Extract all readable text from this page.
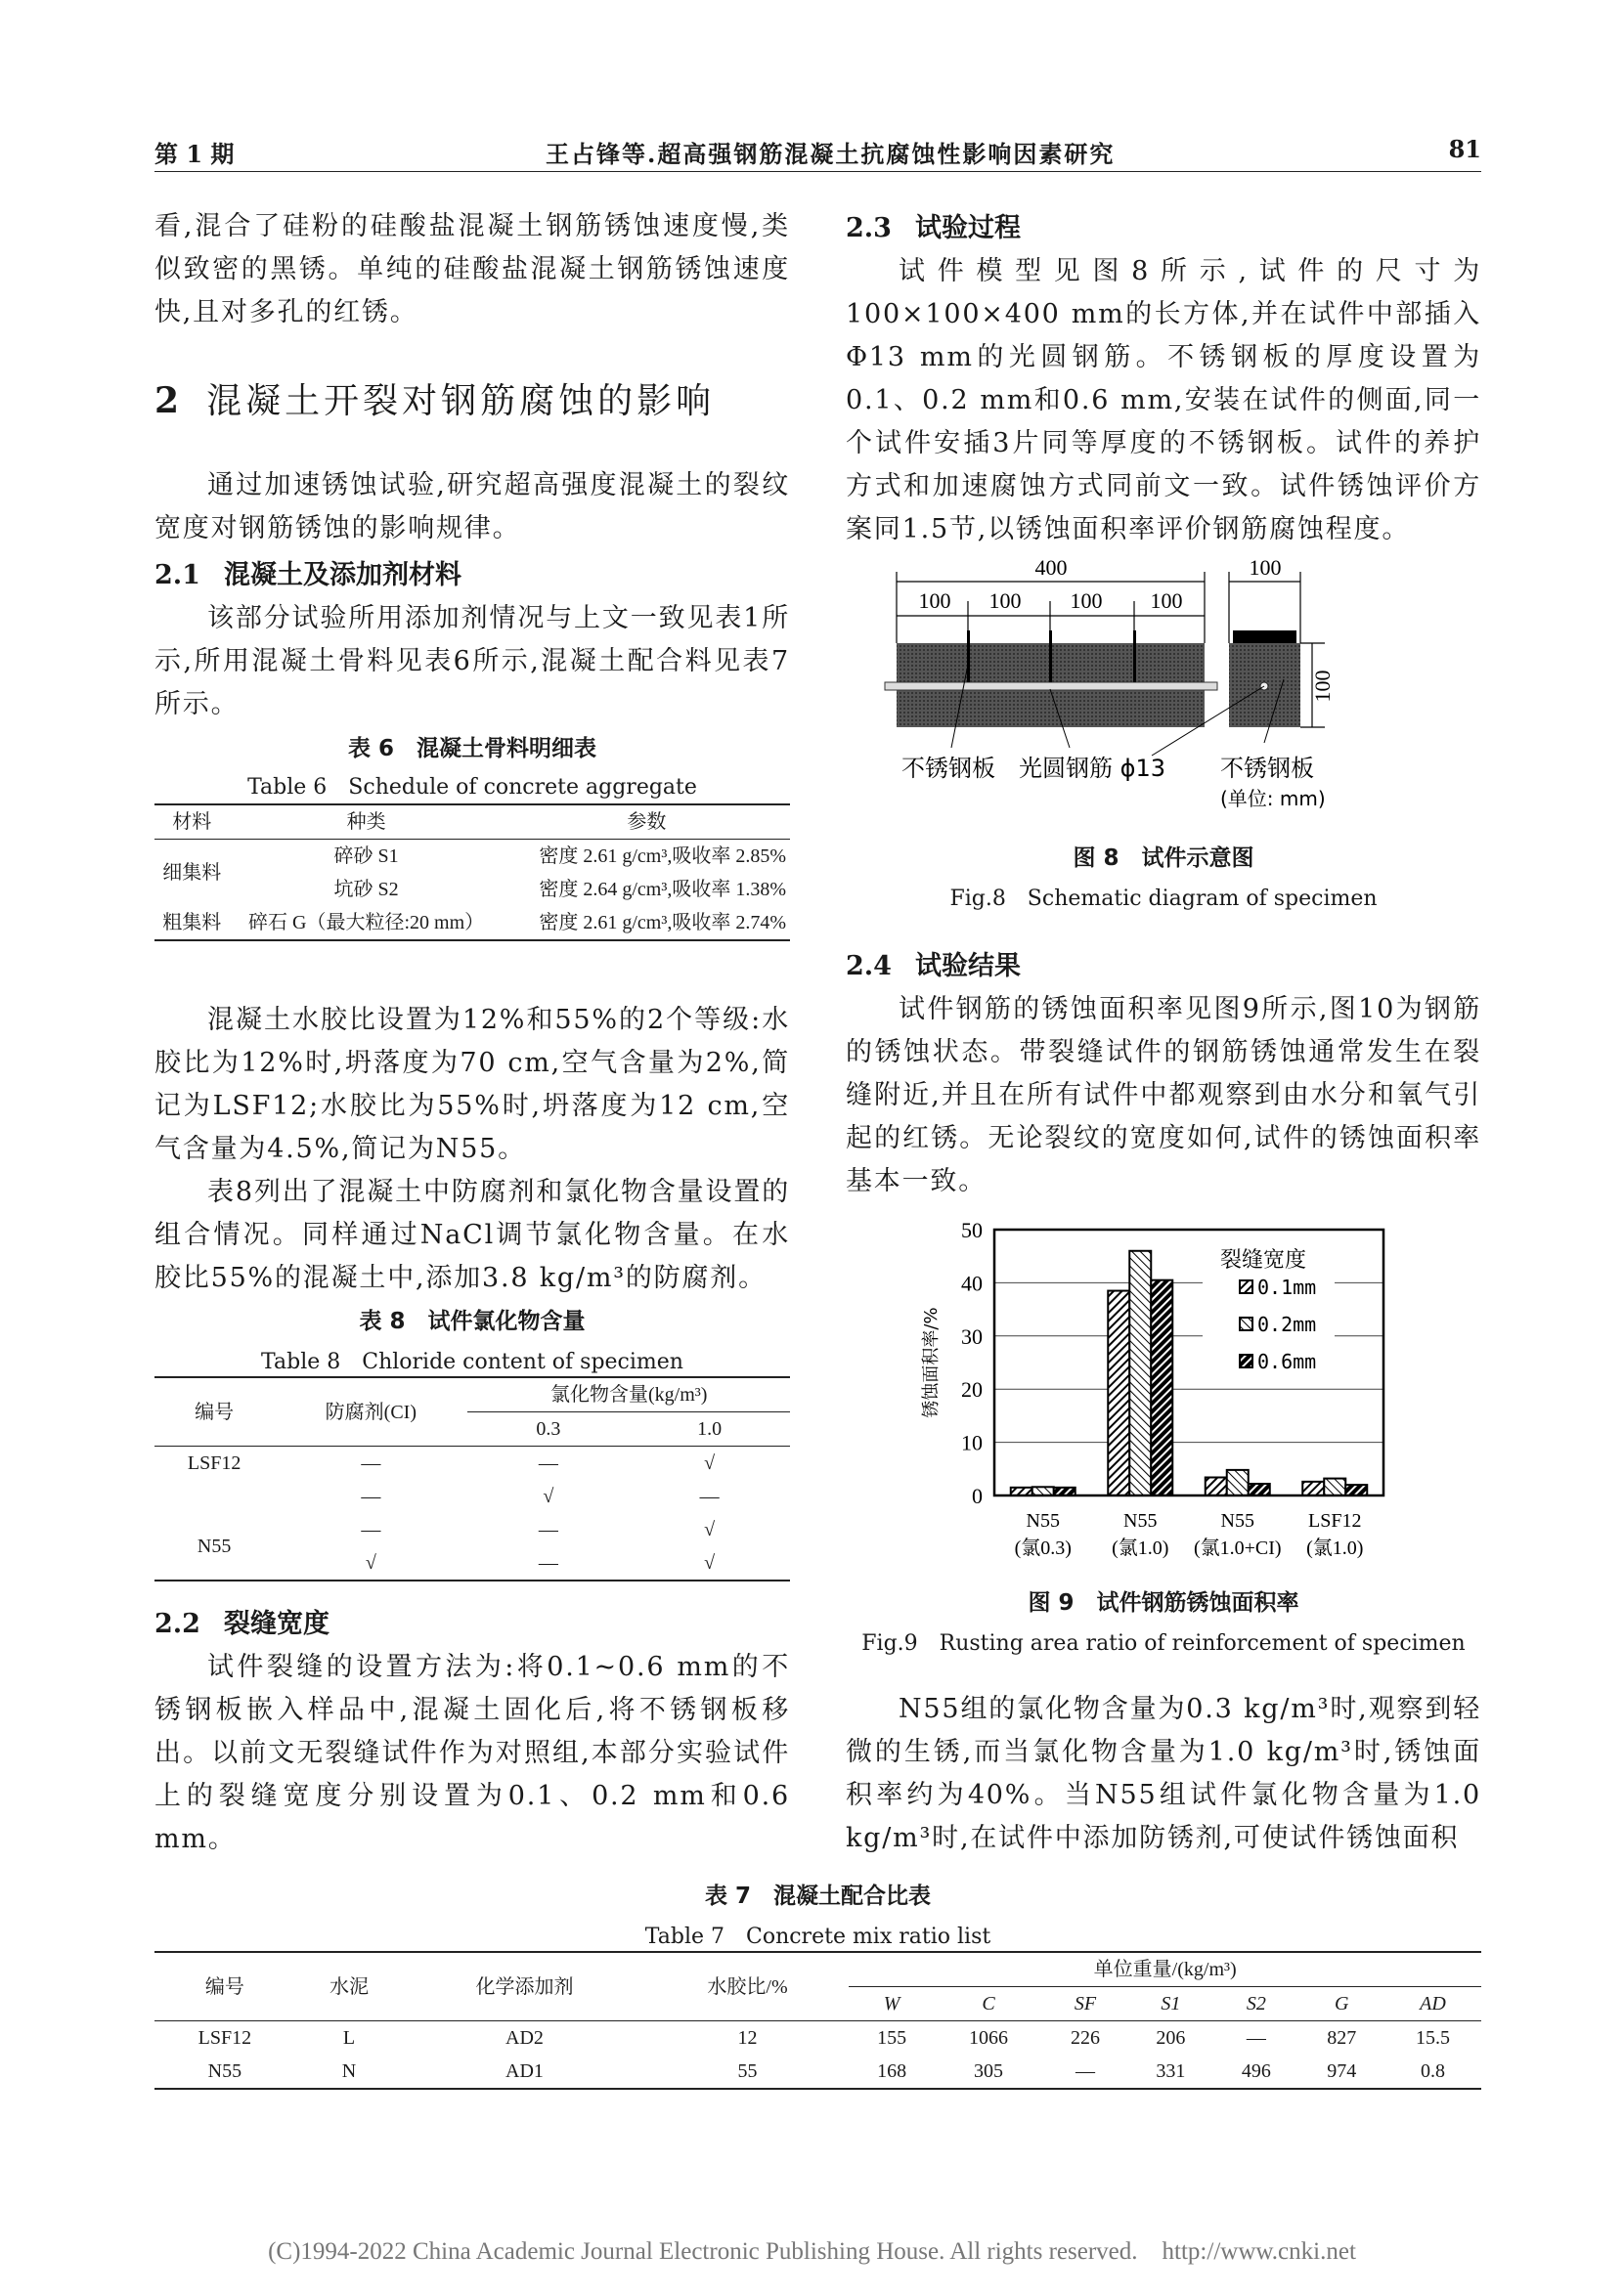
第 1 期	王占锋等.超高强钢筋混凝土抗腐蚀性影响因素研究	81
看,混合了硅粉的硅酸盐混凝土钢筋锈蚀速度慢,类似致密的黑锈。单纯的硅酸盐混凝土钢筋锈蚀速度快,且对多孔的红锈。
2 混凝土开裂对钢筋腐蚀的影响
通过加速锈蚀试验,研究超高强度混凝土的裂纹宽度对钢筋锈蚀的影响规律。
2.1 混凝土及添加剂材料
该部分试验所用添加剂情况与上文一致见表1所示,所用混凝土骨料见表6所示,混凝土配合料见表7所示。
表 6　混凝土骨料明细表
Table 6　Schedule of concrete aggregate
材料	种类	参数
细集料	碎砂 S1	密度 2.61 g/cm³,吸收率 2.85%
	坑砂 S2	密度 2.64 g/cm³,吸收率 1.38%
粗集料	碎石 G（最大粒径:20 mm）	密度 2.61 g/cm³,吸收率 2.74%
混凝土水胶比设置为12%和55%的2个等级:水胶比为12%时,坍落度为70 cm,空气含量为2%,简记为LSF12;水胶比为55%时,坍落度为12 cm,空气含量为4.5%,简记为N55。
表8列出了混凝土中防腐剂和氯化物含量设置的组合情况。同样通过NaCl调节氯化物含量。在水胶比55%的混凝土中,添加3.8 kg/m³的防腐剂。
表 8　试件氯化物含量
Table 8　Chloride content of specimen
编号	防腐剂(CI)	氯化物含量(kg/m³)	
		0.3	1.0
LSF12	—	—	√
	—	√	—
N55	—	—	√
	√	—	√
2.2 裂缝宽度
试件裂缝的设置方法为:将0.1~0.6 mm的不锈钢板嵌入样品中,混凝土固化后,将不锈钢板移出。以前文无裂缝试件作为对照组,本部分实验试件上的裂缝宽度分别设置为0.1、0.2 mm和0.6 mm。
2.3 试验过程
试件模型见图8所示,试件的尺寸为100×100×400 mm的长方体,并在试件中部插入Φ13 mm的光圆钢筋。不锈钢板的厚度设置为0.1、0.2 mm和0.6 mm,安装在试件的侧面,同一个试件安插3片同等厚度的不锈钢板。试件的养护方式和加速腐蚀方式同前文一致。试件锈蚀评价方案同1.5节,以锈蚀面积率评价钢筋腐蚀程度。
400
100 100 100 100
100
100
不锈钢板 光圆钢筋 ϕ13 不锈钢板
(单位: mm)
图 8　试件示意图
Fig.8　Schematic diagram of specimen
2.4 试验结果
试件钢筋的锈蚀面积率见图9所示,图10为钢筋的锈蚀状态。带裂缝试件的钢筋锈蚀通常发生在裂缝附近,并且在所有试件中都观察到由水分和氧气引起的红锈。无论裂纹的宽度如何,试件的锈蚀面积率基本一致。
0
10
20
30
40
50
N55
(氯0.3)
N55
(氯1.0)
N55
(氯1.0+CI)
LSF12
(氯1.0)
锈蚀面积率/%
裂缝宽度
0.1mm
0.2mm
0.6mm
图 9　试件钢筋锈蚀面积率
Fig.9　Rusting area ratio of reinforcement of specimen
N55组的氯化物含量为0.3 kg/m³时,观察到轻微的生锈,而当氯化物含量为1.0 kg/m³时,锈蚀面积率约为40%。当N55组试件氯化物含量为1.0 kg/m³时,在试件中添加防锈剂,可使试件锈蚀面积
表 7　混凝土配合比表
Table 7　Concrete mix ratio list
编号	水泥	化学添加剂	水胶比/%	单位重量/(kg/m³)						
				W	C	SF	S1	S2	G	AD
LSF12	L	AD2	12	155	1066	226	206	—	827	15.5
N55	N	AD1	55	168	305	—	331	496	974	0.8
(C)1994-2022 China Academic Journal Electronic Publishing House. All rights reserved. http://www.cnki.net
